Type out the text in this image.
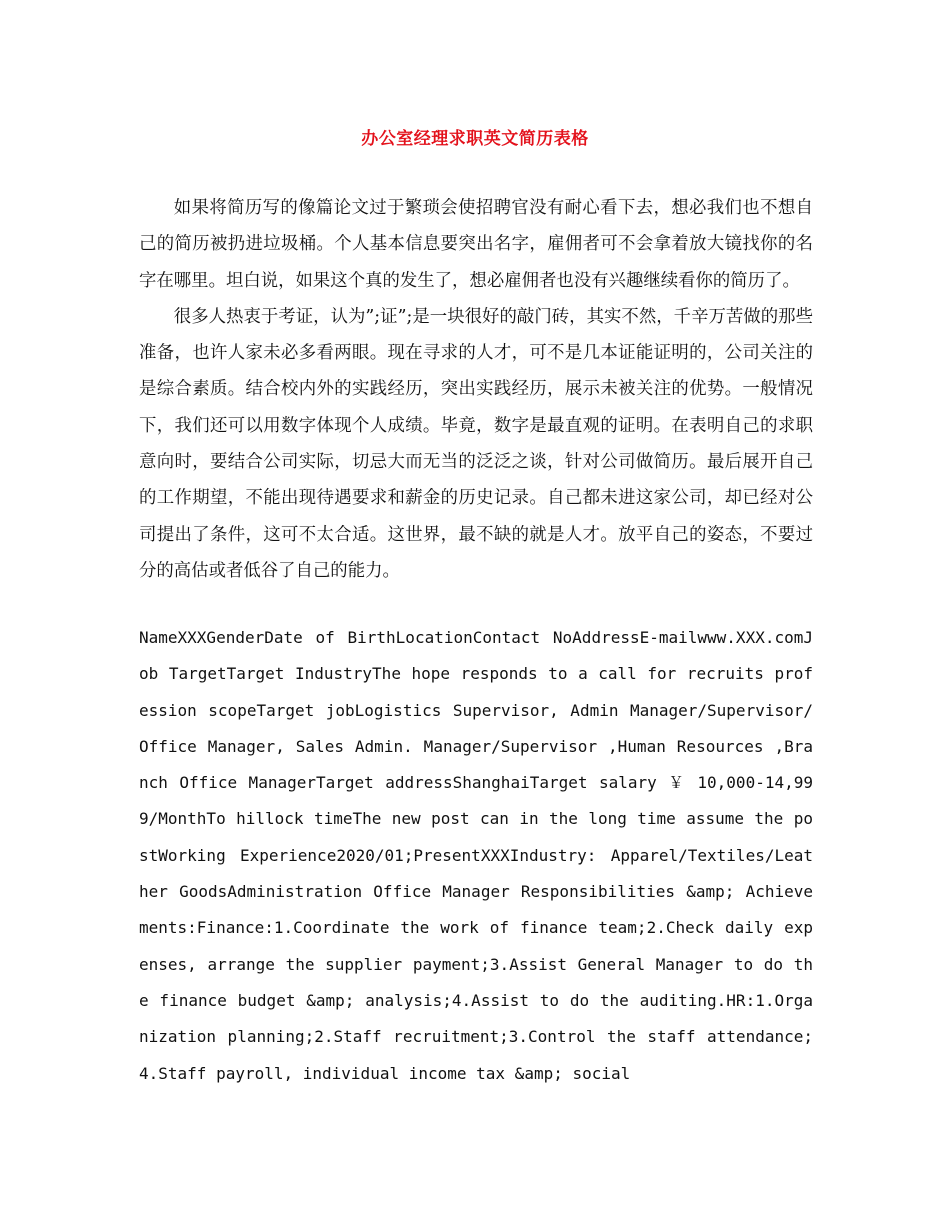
办公室经理求职英文简历表格

如果将简历写的像篇论文过于繁琐会使招聘官没有耐心看下去，想必我们也不想自己的简历被扔进垃圾桶。个人基本信息要突出名字，雇佣者可不会拿着放大镜找你的名字在哪里。坦白说，如果这个真的发生了，想必雇佣者也没有兴趣继续看你的简历了。

很多人热衷于考证，认为”;证”;是一块很好的敲门砖，其实不然，千辛万苦做的那些准备，也许人家未必多看两眼。现在寻求的人才，可不是几本证能证明的，公司关注的是综合素质。结合校内外的实践经历，突出实践经历，展示未被关注的优势。一般情况下，我们还可以用数字体现个人成绩。毕竟，数字是最直观的证明。在表明自己的求职意向时，要结合公司实际，切忌大而无当的泛泛之谈，针对公司做简历。最后展开自己的工作期望，不能出现待遇要求和薪金的历史记录。自己都未进这家公司，却已经对公司提出了条件，这可不太合适。这世界，最不缺的就是人才。放平自己的姿态，不要过分的高估或者低谷了自己的能力。

NameXXXGenderDate of BirthLocationContact NoAddressE-mailwww.XXX.comJob TargetTarget IndustryThe hope responds to a call for recruits profession scopeTarget jobLogistics Supervisor, Admin Manager/Supervisor/Office Manager, Sales Admin. Manager/Supervisor ,Human Resources ,Branch Office ManagerTarget addressShanghaiTarget salary ￥ 10,000-14,999/MonthTo hillock timeThe new post can in the long time assume the postWorking Experience2020/01;PresentXXXIndustry: Apparel/Textiles/Leather GoodsAdministration Office Manager Responsibilities &amp; Achievements:Finance:1.Coordinate the work of finance team;2.Check daily expenses, arrange the supplier payment;3.Assist General Manager to do the finance budget &amp; analysis;4.Assist to do the auditing.HR:1.Organization planning;2.Staff recruitment;3.Control the staff attendance;4.Staff payroll, individual income tax &amp; social
